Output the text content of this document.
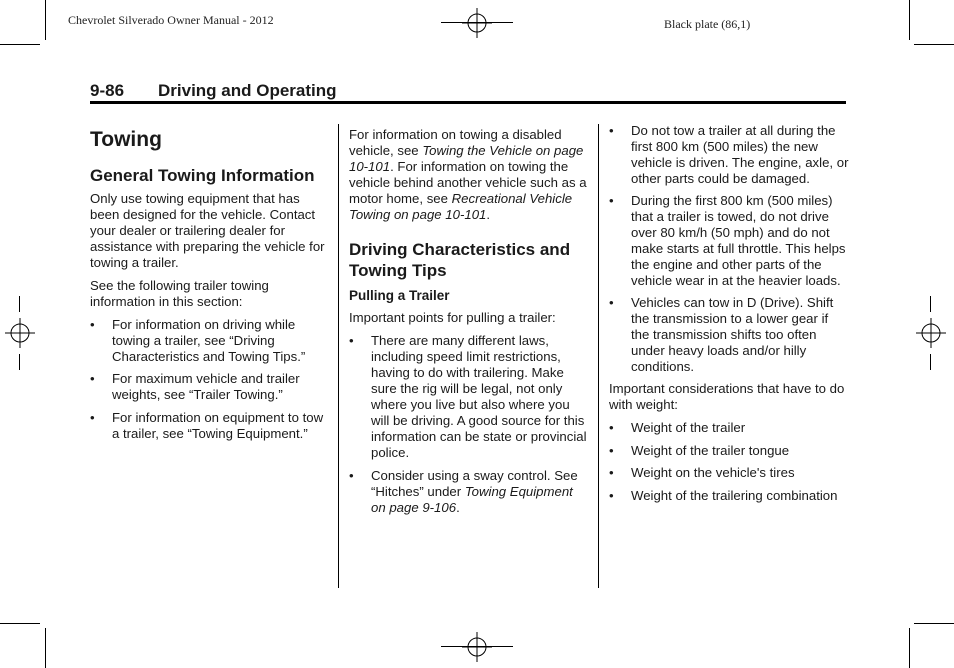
Chevrolet Silverado Owner Manual - 2012	Black plate (86,1)
9-86 Driving and Operating
Towing
General Towing Information

Only use towing equipment that has been designed for the vehicle. Contact your dealer or trailering dealer for assistance with preparing the vehicle for towing a trailer.

See the following trailer towing information in this section:

• For information on driving while towing a trailer, see “Driving Characteristics and Towing Tips.”
• For maximum vehicle and trailer weights, see “Trailer Towing.”
• For information on equipment to tow a trailer, see “Towing Equipment.”

For information on towing a disabled vehicle, see Towing the Vehicle on page 10-101. For information on towing the vehicle behind another vehicle such as a motor home, see Recreational Vehicle Towing on page 10-101.

Driving Characteristics and Towing Tips
Pulling a Trailer

Important points for pulling a trailer:

• There are many different laws, including speed limit restrictions, having to do with trailering. Make sure the rig will be legal, not only where you live but also where you will be driving. A good source for this information can be state or provincial police.
• Consider using a sway control. See “Hitches” under Towing Equipment on page 9-106.
• Do not tow a trailer at all during the first 800 km (500 miles) the new vehicle is driven. The engine, axle, or other parts could be damaged.
• During the first 800 km (500 miles) that a trailer is towed, do not drive over 80 km/h (50 mph) and do not make starts at full throttle. This helps the engine and other parts of the vehicle wear in at the heavier loads.
• Vehicles can tow in D (Drive). Shift the transmission to a lower gear if the transmission shifts too often under heavy loads and/or hilly conditions.

Important considerations that have to do with weight:

• Weight of the trailer
• Weight of the trailer tongue
• Weight on the vehicle's tires
• Weight of the trailering combination
